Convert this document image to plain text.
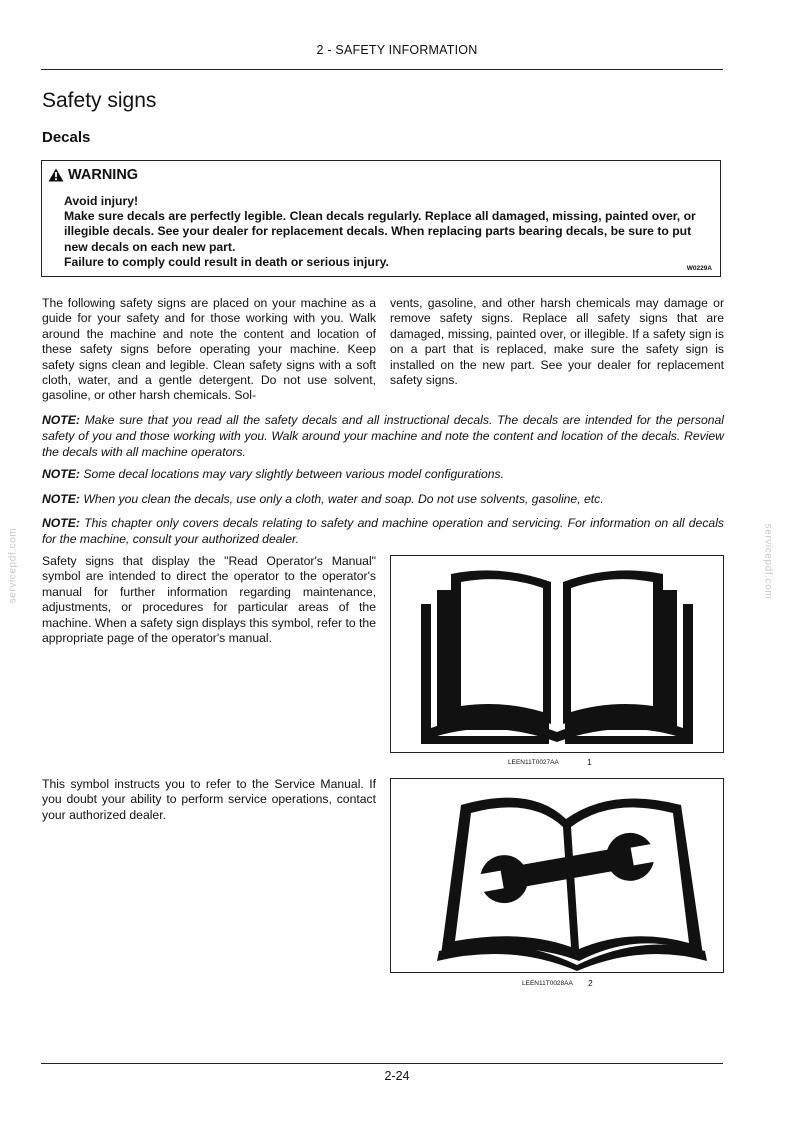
2 - SAFETY INFORMATION
Safety signs
Decals
WARNING
Avoid injury!
Make sure decals are perfectly legible. Clean decals regularly. Replace all damaged, missing, painted over, or illegible decals. See your dealer for replacement decals. When replacing parts bearing decals, be sure to put new decals on each new part.
Failure to comply could result in death or serious injury.	W0229A
The following safety signs are placed on your machine as a guide for your safety and for those working with you. Walk around the machine and note the content and location of these safety signs before operating your machine. Keep safety signs clean and legible. Clean safety signs with a soft cloth, water, and a gentle detergent. Do not use solvent, gasoline, or other harsh chemicals. Sol-
vents, gasoline, and other harsh chemicals may damage or remove safety signs. Replace all safety signs that are damaged, missing, painted over, or illegible. If a safety sign is on a part that is replaced, make sure the safety sign is installed on the new part. See your dealer for replacement safety signs.
NOTE: Make sure that you read all the safety decals and all instructional decals. The decals are intended for the personal safety of you and those working with you. Walk around your machine and note the content and location of the decals. Review the decals with all machine operators.
NOTE: Some decal locations may vary slightly between various model configurations.
NOTE: When you clean the decals, use only a cloth, water and soap. Do not use solvents, gasoline, etc.
NOTE: This chapter only covers decals relating to safety and machine operation and servicing. For information on all decals for the machine, consult your authorized dealer.
Safety signs that display the "Read Operator's Manual" symbol are intended to direct the operator to the operator's manual for further information regarding maintenance, adjustments, or procedures for particular areas of the machine. When a safety sign displays this symbol, refer to the appropriate page of the operator's manual.
LEEN11T0027AA	1
This symbol instructs you to refer to the Service Manual. If you doubt your ability to perform service operations, contact your authorized dealer.
LEEN11T0028AA 2
servicepdf.com	servicepdf.com
2-24
